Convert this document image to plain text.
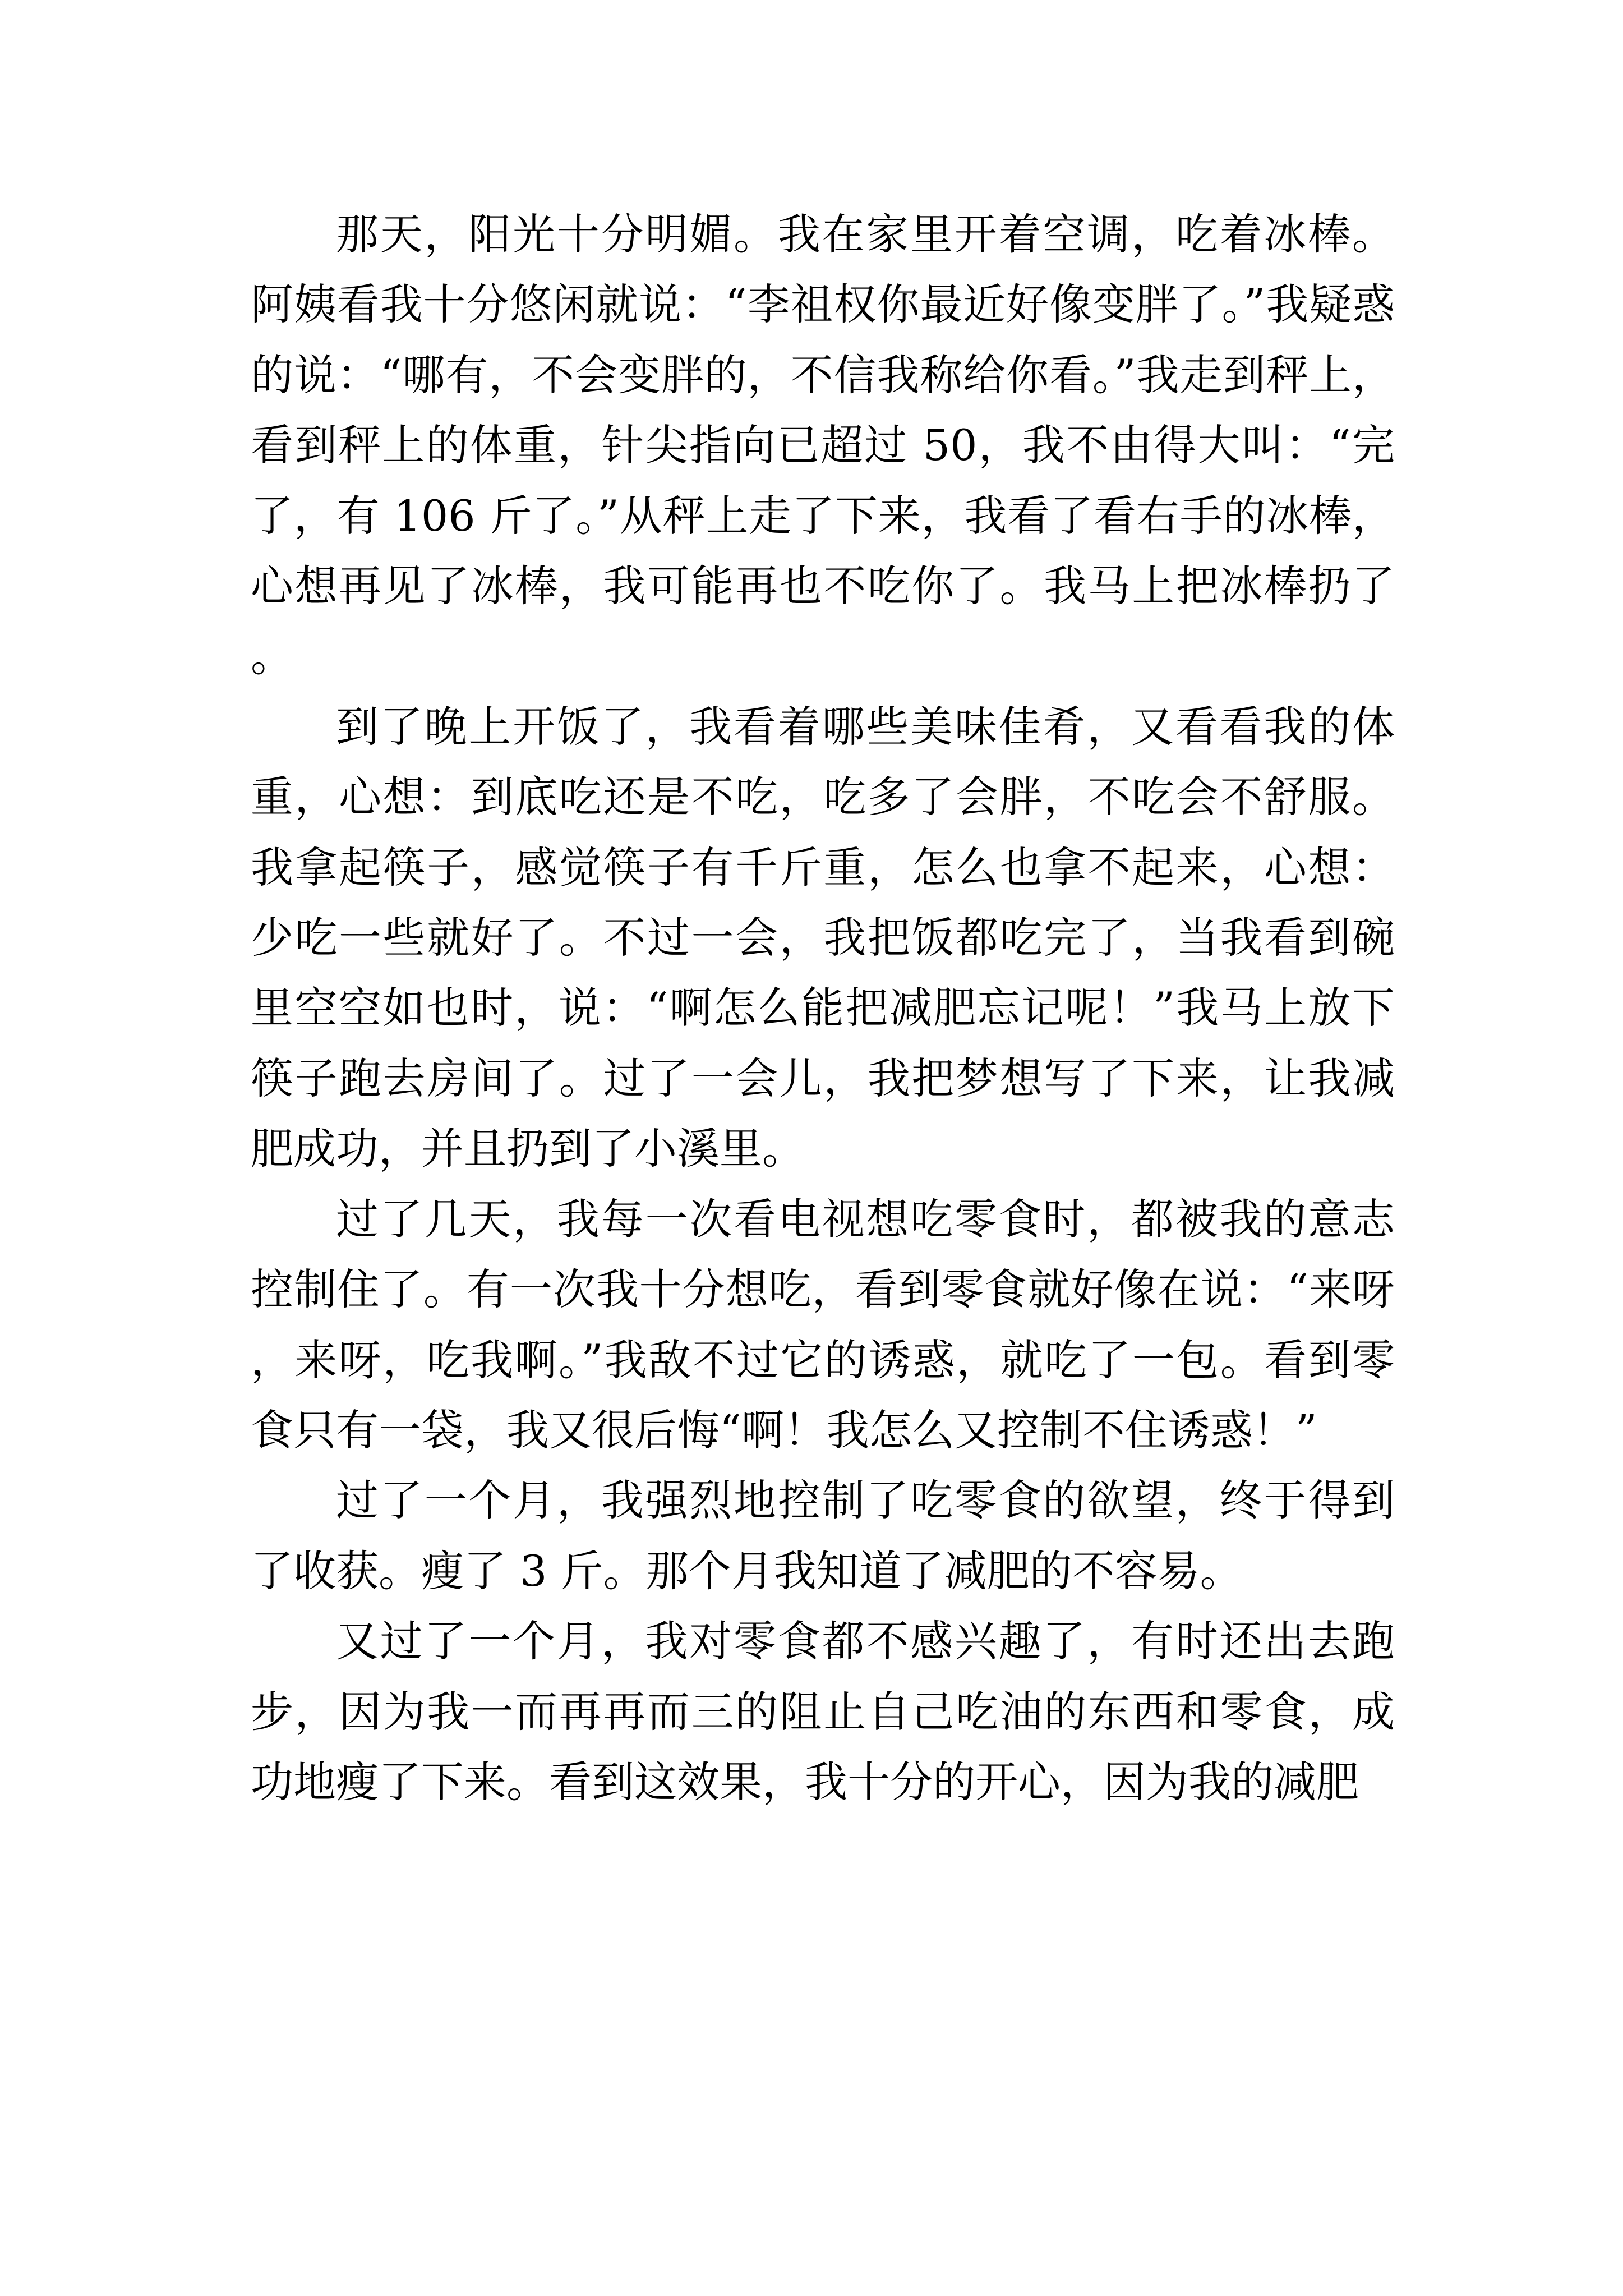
那天，阳光十分明媚。我在家里开着空调，吃着冰棒。阿姨看我十分悠闲就说：“李祖权你最近好像变胖了。”我疑惑的说：“哪有，不会变胖的，不信我称给你看。”我走到秤上，看到秤上的体重，针尖指向已超过 50，我不由得大叫：“完了，有 106 斤了。”从秤上走了下来，我看了看右手的冰棒，心想再见了冰棒，我可能再也不吃你了。我马上把冰棒扔了。

到了晚上开饭了，我看着哪些美味佳肴，又看看我的体重，心想：到底吃还是不吃，吃多了会胖，不吃会不舒服。我拿起筷子，感觉筷子有千斤重，怎么也拿不起来，心想：少吃一些就好了。不过一会，我把饭都吃完了，当我看到碗里空空如也时，说：“啊怎么能把减肥忘记呢！”我马上放下筷子跑去房间了。过了一会儿，我把梦想写了下来，让我减肥成功，并且扔到了小溪里。

过了几天，我每一次看电视想吃零食时，都被我的意志控制住了。有一次我十分想吃，看到零食就好像在说：“来呀，来呀，吃我啊。”我敌不过它的诱惑，就吃了一包。看到零食只有一袋，我又很后悔“啊！我怎么又控制不住诱惑！”

过了一个月，我强烈地控制了吃零食的欲望，终于得到了收获。瘦了 3 斤。那个月我知道了减肥的不容易。

又过了一个月，我对零食都不感兴趣了，有时还出去跑步，因为我一而再再而三的阻止自己吃油的东西和零食，成功地瘦了下来。看到这效果，我十分的开心，因为我的减肥
